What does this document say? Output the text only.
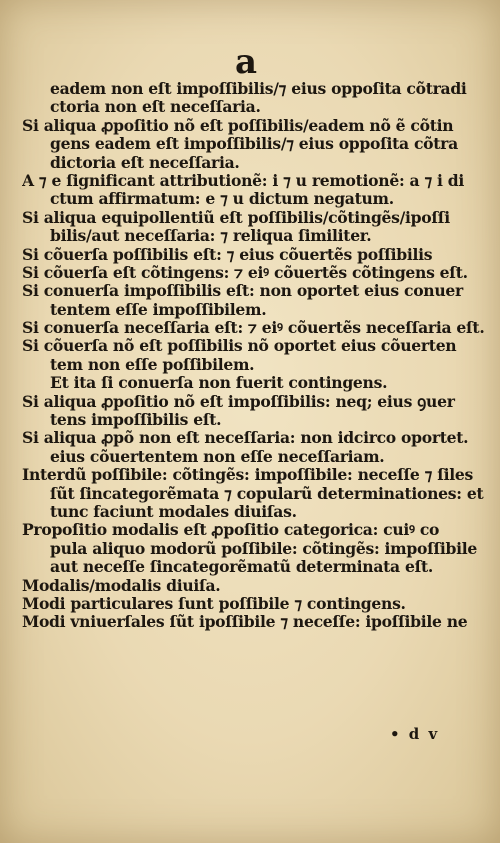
a
eadem non eſt impoſſibilis/⁊ eius oppoſita cõtradi
ctoria non eſt neceſſaria.
Si aliqua ꝓpoſitio nõ eſt poſſibilis/eadem nõ ẽ cõtin
gens eadem eſt impoſſibilis/⁊ eius oppoſita cõtra
dictoria eſt neceſſaria.
A ⁊ e ſignificant attributionẽ: i ⁊ u remotionẽ: a ⁊ i di
ctum affirmatum: e ⁊ u dictum negatum.
Si aliqua equipollentiũ eſt poſſibilis/cõtingẽs/ipoſſi
bilis/aut neceſſaria: ⁊ reliqua ſimiliter.
Si cõuerſa poſſibilis eſt: ⁊ eius cõuertẽs poſſibilis
Si cõuerſa eſt cõtingens: ⁊ eiꝰ cõuertẽs cõtingens eſt.
Si conuerſa impoſſibilis eſt: non oportet eius conuer
tentem eſſe impoſſibilem.
Si conuerſa neceſſaria eſt: ⁊ eiꝰ cõuertẽs neceſſaria eſt.
Si cõuerſa nõ eſt poſſibilis nõ oportet eius cõuerten
tem non eſſe poſſibilem.
Et ita ſi conuerſa non fuerit contingens.
Si aliqua ꝓpoſitio nõ eſt impoſſibilis: neq; eius ꝯuer
tens impoſſibilis eſt.
Si aliqua ꝓpõ non eſt neceſſaria: non idcirco oportet.
eius cõuertentem non eſſe neceſſariam.
Interdũ poſſibile: cõtingẽs: impoſſibile: neceſſe ⁊ ſiles
ſũt ſincategorẽmata ⁊ copularũ determinationes: et
tunc faciunt modales diuiſas.
Propoſitio modalis eſt ꝓpoſitio categorica: cuiꝰ co
pula aliquo modorũ poſſibile: cõtingẽs: impoſſibile
aut neceſſe ſincategorẽmatũ determinata eſt.
Modalis/modalis diuiſa.
Modi particulares ſunt poſſibile ⁊ contingens.
Modi vniuerſales ſũt ipoſſibile ⁊ neceſſe: ipoſſibile ne
• d v
